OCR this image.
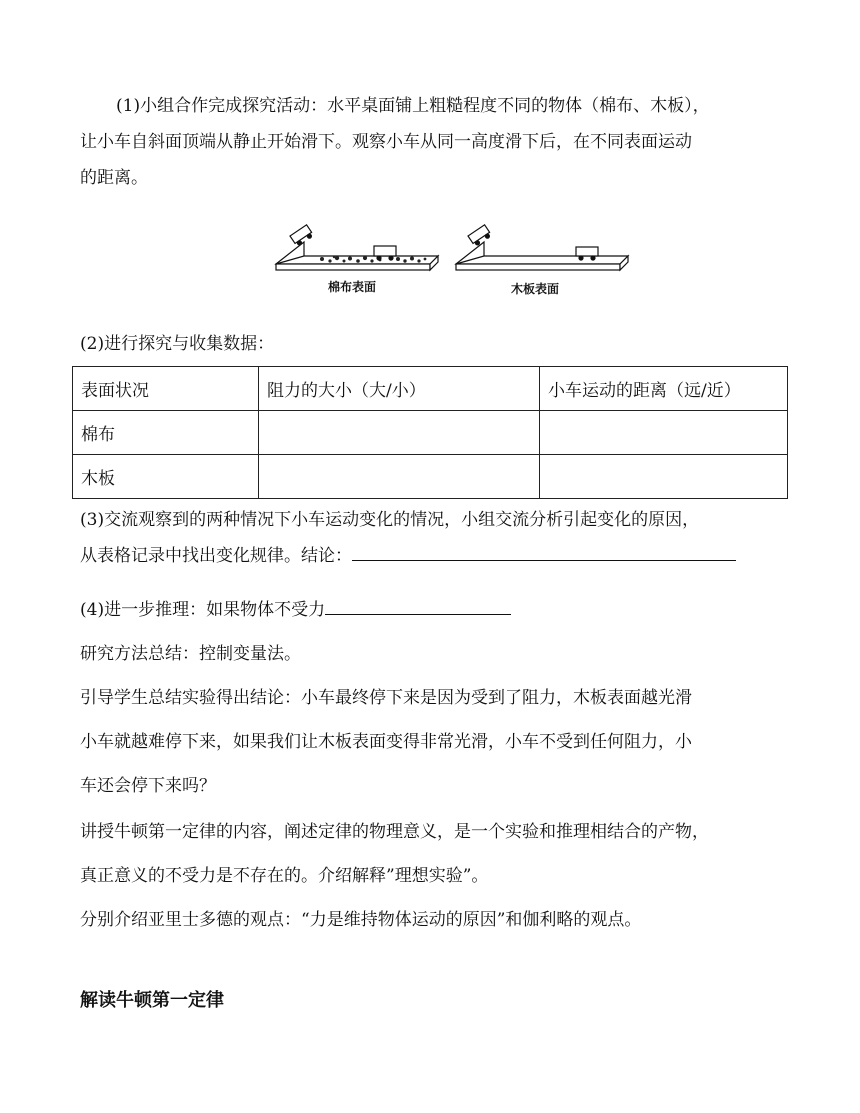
(1)小组合作完成探究活动：水平桌面铺上粗糙程度不同的物体（棉布、木板），
让小车自斜面顶端从静止开始滑下。观察小车从同一高度滑下后，在不同表面运动
的距离。

棉布表面	木板表面

(2)进行探究与收集数据：

表面状况	阻力的大小（大/小）	小车运动的距离（远/近）
棉布		
木板		

(3)交流观察到的两种情况下小车运动变化的情况，小组交流分析引起变化的原因，
从表格记录中找出变化规律。结论：

(4)进一步推理：如果物体不受力

研究方法总结：控制变量法。

引导学生总结实验得出结论：小车最终停下来是因为受到了阻力，木板表面越光滑
小车就越难停下来，如果我们让木板表面变得非常光滑，小车不受到任何阻力，小
车还会停下来吗？

讲授牛顿第一定律的内容，阐述定律的物理意义，是一个实验和推理相结合的产物，
真正意义的不受力是不存在的。介绍解释”理想实验”。

分别介绍亚里士多德的观点：“力是维持物体运动的原因”和伽利略的观点。

解读牛顿第一定律
